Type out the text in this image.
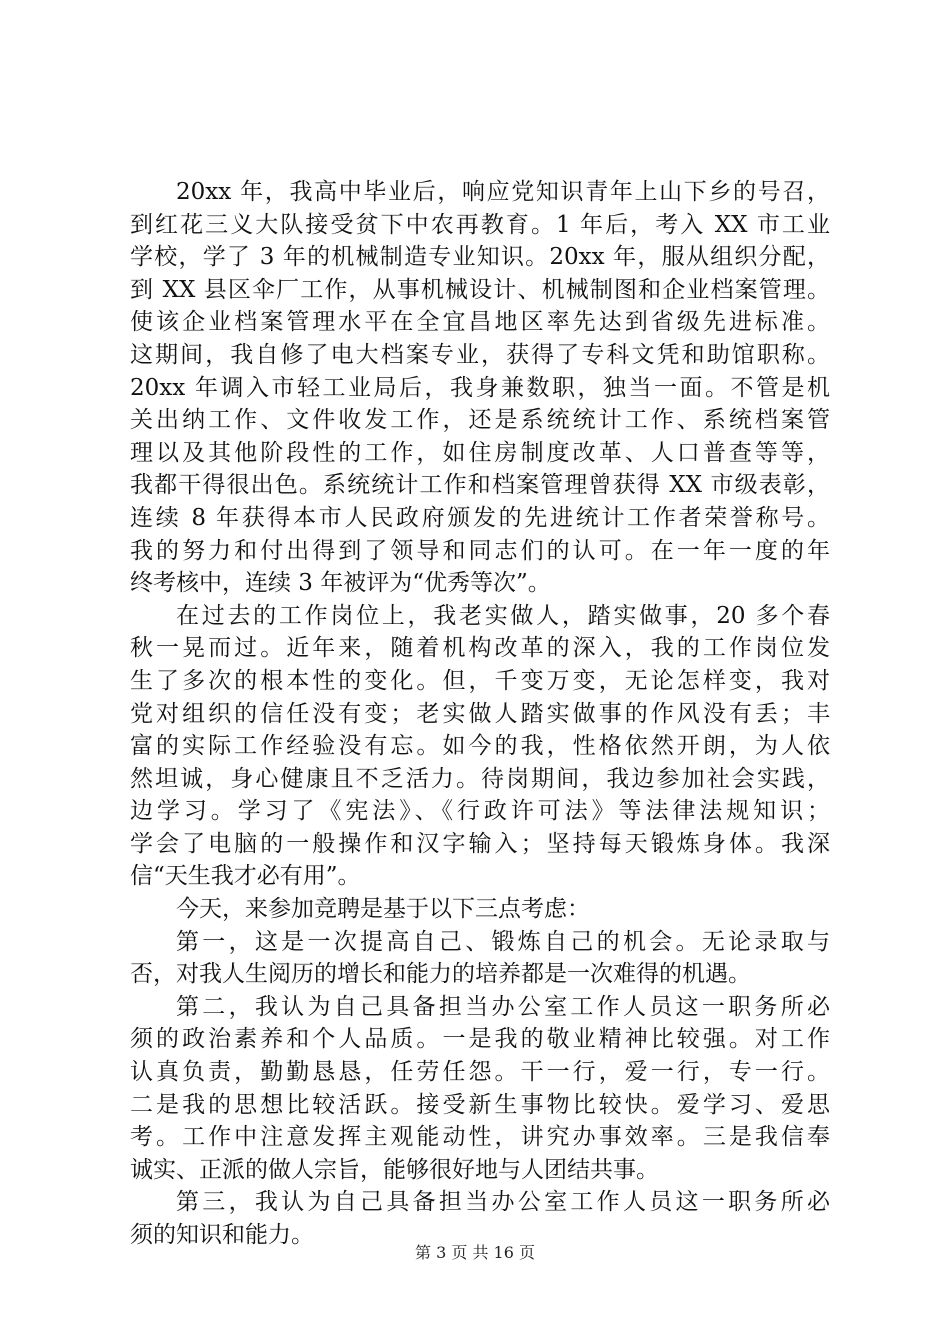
20xx 年，我高中毕业后，响应党知识青年上山下乡的号召，
到红花三义大队接受贫下中农再教育。1 年后，考入 XX 市工业
学校，学了 3 年的机械制造专业知识。20xx 年，服从组织分配，
到 XX 县区伞厂工作，从事机械设计、机械制图和企业档案管理。
使该企业档案管理水平在全宜昌地区率先达到省级先进标准。
这期间，我自修了电大档案专业，获得了专科文凭和助馆职称。
20xx 年调入市轻工业局后，我身兼数职，独当一面。不管是机
关出纳工作、文件收发工作，还是系统统计工作、系统档案管
理以及其他阶段性的工作，如住房制度改革、人口普查等等，
我都干得很出色。系统统计工作和档案管理曾获得 XX 市级表彰，
连续 8 年获得本市人民政府颁发的先进统计工作者荣誉称号。
我的努力和付出得到了领导和同志们的认可。在一年一度的年
终考核中，连续 3 年被评为“优秀等次”。
在过去的工作岗位上，我老实做人，踏实做事，20 多个春
秋一晃而过。近年来，随着机构改革的深入，我的工作岗位发
生了多次的根本性的变化。但，千变万变，无论怎样变，我对
党对组织的信任没有变；老实做人踏实做事的作风没有丢；丰
富的实际工作经验没有忘。如今的我，性格依然开朗，为人依
然坦诚，身心健康且不乏活力。待岗期间，我边参加社会实践，
边学习。学习了《宪法》、《行政许可法》等法律法规知识；
学会了电脑的一般操作和汉字输入；坚持每天锻炼身体。我深
信“天生我才必有用”。
今天，来参加竞聘是基于以下三点考虑：
第一，这是一次提高自己、锻炼自己的机会。无论录取与
否，对我人生阅历的增长和能力的培养都是一次难得的机遇。
第二，我认为自己具备担当办公室工作人员这一职务所必
须的政治素养和个人品质。一是我的敬业精神比较强。对工作
认真负责，勤勤恳恳，任劳任怨。干一行，爱一行，专一行。
二是我的思想比较活跃。接受新生事物比较快。爱学习、爱思
考。工作中注意发挥主观能动性，讲究办事效率。三是我信奉
诚实、正派的做人宗旨，能够很好地与人团结共事。
第三，我认为自己具备担当办公室工作人员这一职务所必
须的知识和能力。
第 3 页 共 16 页
